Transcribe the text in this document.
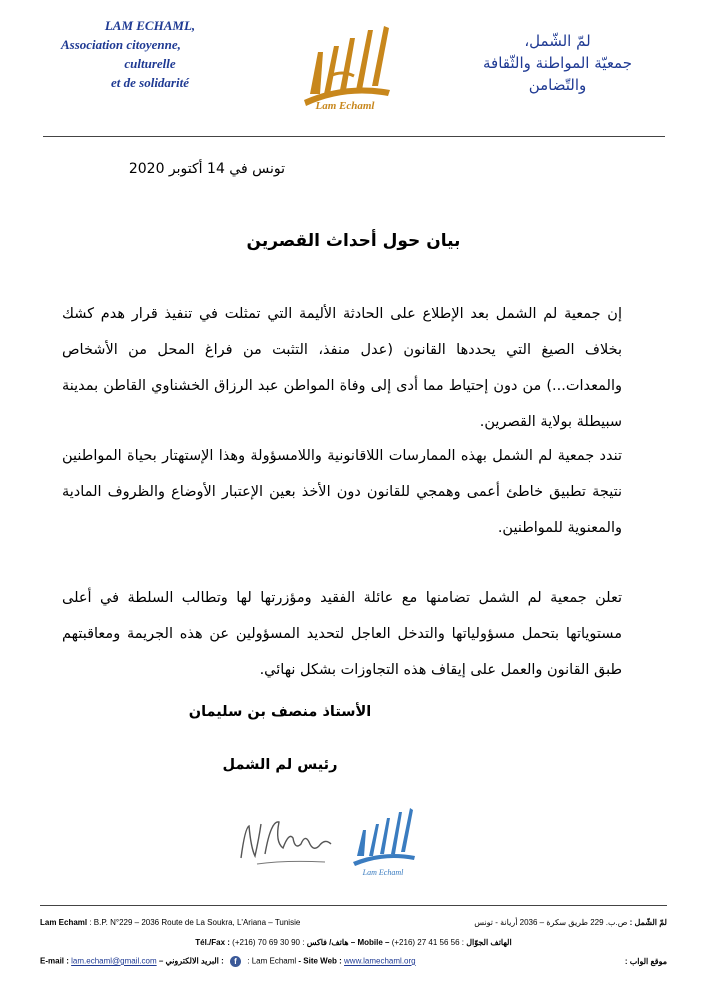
LAM ECHAML,
Association citoyenne,
culturelle
et de solidarité
Lam Echaml
لمّ الشّمل،
جمعيّة المواطنة والثّقافة
والتّضامن
تونس في 14 أكتوبر 2020
بيان حول أحداث القصرين
إن جمعية لم الشمل بعد الإطلاع على الحادثة الأليمة التي تمثلت في تنفيذ قرار هدم كشك بخلاف الصيغ التي يحددها القانون (عدل منفذ، التثبت من فراغ المحل من الأشخاص والمعدات...) من دون إحتياط مما أدى إلى وفاة المواطن عبد الرزاق الخشناوي القاطن بمدينة سبيطلة بولاية القصرين.
تندد جمعية لم الشمل بهذه الممارسات اللاقانونية واللامسؤولة وهذا الإستهتار بحياة المواطنين نتيجة تطبيق خاطئ أعمى وهمجي للقانون دون الأخذ بعين الإعتبار الأوضاع والظروف المادية والمعنوية للمواطنين.
تعلن جمعية لم الشمل تضامنها مع عائلة الفقيد ومؤزرتها لها وتطالب السلطة في أعلى مستوياتها بتحمل مسؤولياتها والتدخل العاجل لتحديد المسؤولين عن هذه الجريمة ومعاقبتهم طبق القانون والعمل على إيقاف هذه التجاوزات بشكل نهائي.
الأستاذ منصف بن سليمان
رئيس لم الشمل
Lam Echaml
Lam Echaml : B.P. N°229 – 2036 Route de La Soukra, L'Ariana – Tunisie	لمّ الشّمل : ص.ب. 229 طريق سكرة – 2036 أريانة - تونس
Tél./Fax : (+216) 70 69 30 90 : هاتف/ فاكس – Mobile – (+216) 27 41 56 56 : الهاتف الجوّال
E-mail : lam.echaml@gmail.com : البريد الالكتروني – f : Lam Echaml - Site Web : www.lamechaml.org	موقع الواب :
